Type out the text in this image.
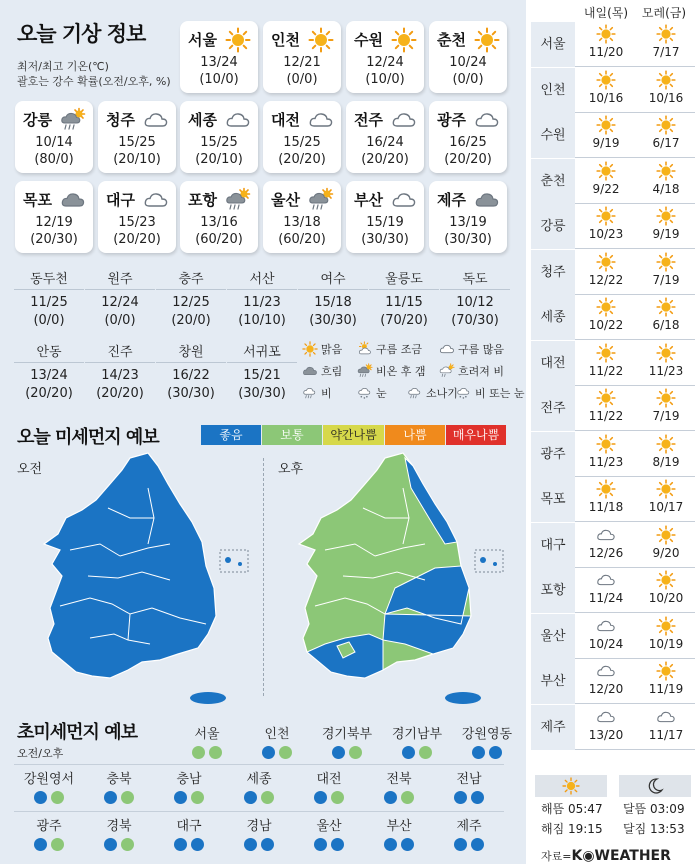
오늘 기상 정보
최저/최고 기온(℃)
괄호는 강수 확률(오전/오후, %)
서울
13/24
(10/0)
인천
12/21
(0/0)
수원
12/24
(10/0)
춘천
10/24
(0/0)
강릉
10/14
(80/0)
청주
15/25
(20/10)
세종
15/25
(20/10)
대전
15/25
(20/20)
전주
16/24
(20/20)
광주
16/25
(20/20)
목포
12/19
(20/30)
대구
15/23
(20/20)
포항
13/16
(60/20)
울산
13/18
(60/20)
부산
15/19
(30/30)
제주
13/19
(30/30)
동두천
11/25
(0/0)
원주
12/24
(0/0)
충주
12/25
(20/0)
서산
11/23
(10/10)
여수
15/18
(30/30)
울릉도
11/15
(70/20)
독도
10/12
(70/30)
안동
13/24
(20/20)
진주
14/23
(20/20)
창원
16/22
(30/30)
서귀포
15/21
(30/30)
맑음	구름 조금	구름 많음
흐림	비온 후 갬	흐려져 비
비	눈	소나기 비 또는 눈
오늘 미세먼지 예보	좋음	보통	약간나쁨	나쁨	매우나쁨
오전	오후
초미세먼지 예보
오전/오후
서울	인천	경기북부	경기남부	강원영동
강원영서	충북	충남	세종	대전	전북	전남
광주	경북	대구	경남	울산	부산	제주
내일(목)	모레(금)
서울	11/20	7/17
인천	10/16	10/16
수원	9/19	6/17
춘천	9/22	4/18
강릉	10/23	9/19
청주	12/22	7/19
세종	10/22	6/18
대전	11/22	11/23
전주	11/22	7/19
광주	11/23	8/19
목포	11/18	10/17
대구	12/26	9/20
포항	11/24	10/20
울산	10/24	10/19
부산	12/20	11/19
제주	13/20	11/17
해뜸 05:47
해짐 19:15
달뜸 03:09
달짐 13:53
자료=K◉WEATHER
